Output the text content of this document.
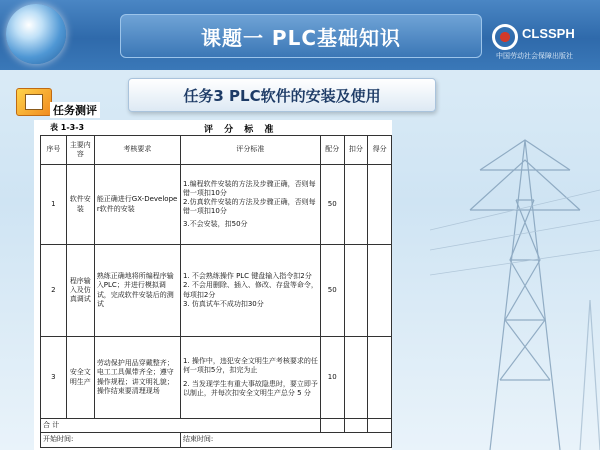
课题一 PLC基础知识	CLSSPH
中国劳动社会保障出版社
任务3 PLC软件的安装及使用
任务测评
表 1-3-3	评 分 标 准
序号	主要内容	考核要求	评分标准	配分	扣分	得分
1	软件安装	能正确进行GX-Developer软件的安装	1.编程软件安装的方法及步骤正确，否则每错一项扣10分
2.仿真软件安装的方法及步骤正确，否则每错一项扣10分
3.不会安装，扣50分	50		
2	程序输入及仿真调试	熟练正确地将所编程序输入PLC；并进行模拟调试，完成软件安装后的测试	1. 不会熟练操作 PLC 键盘输入指令扣2分
2. 不会用删除、插入、修改、存盘等命令，每项扣2分
3. 仿真试车不成功扣30分	50		
3	安全文明生产	劳动保护用品穿戴整齐；电工工具佩带齐全；遵守操作规程；讲文明礼貌；操作结束要清理现场	1. 操作中，违犯安全文明生产考核要求的任何一项扣5分，扣完为止
2. 当发现学生有重大事故隐患时，要立即予以制止，并每次扣安全文明生产总分 5 分	10		
合 计						
开始时间:			结束时间:			
